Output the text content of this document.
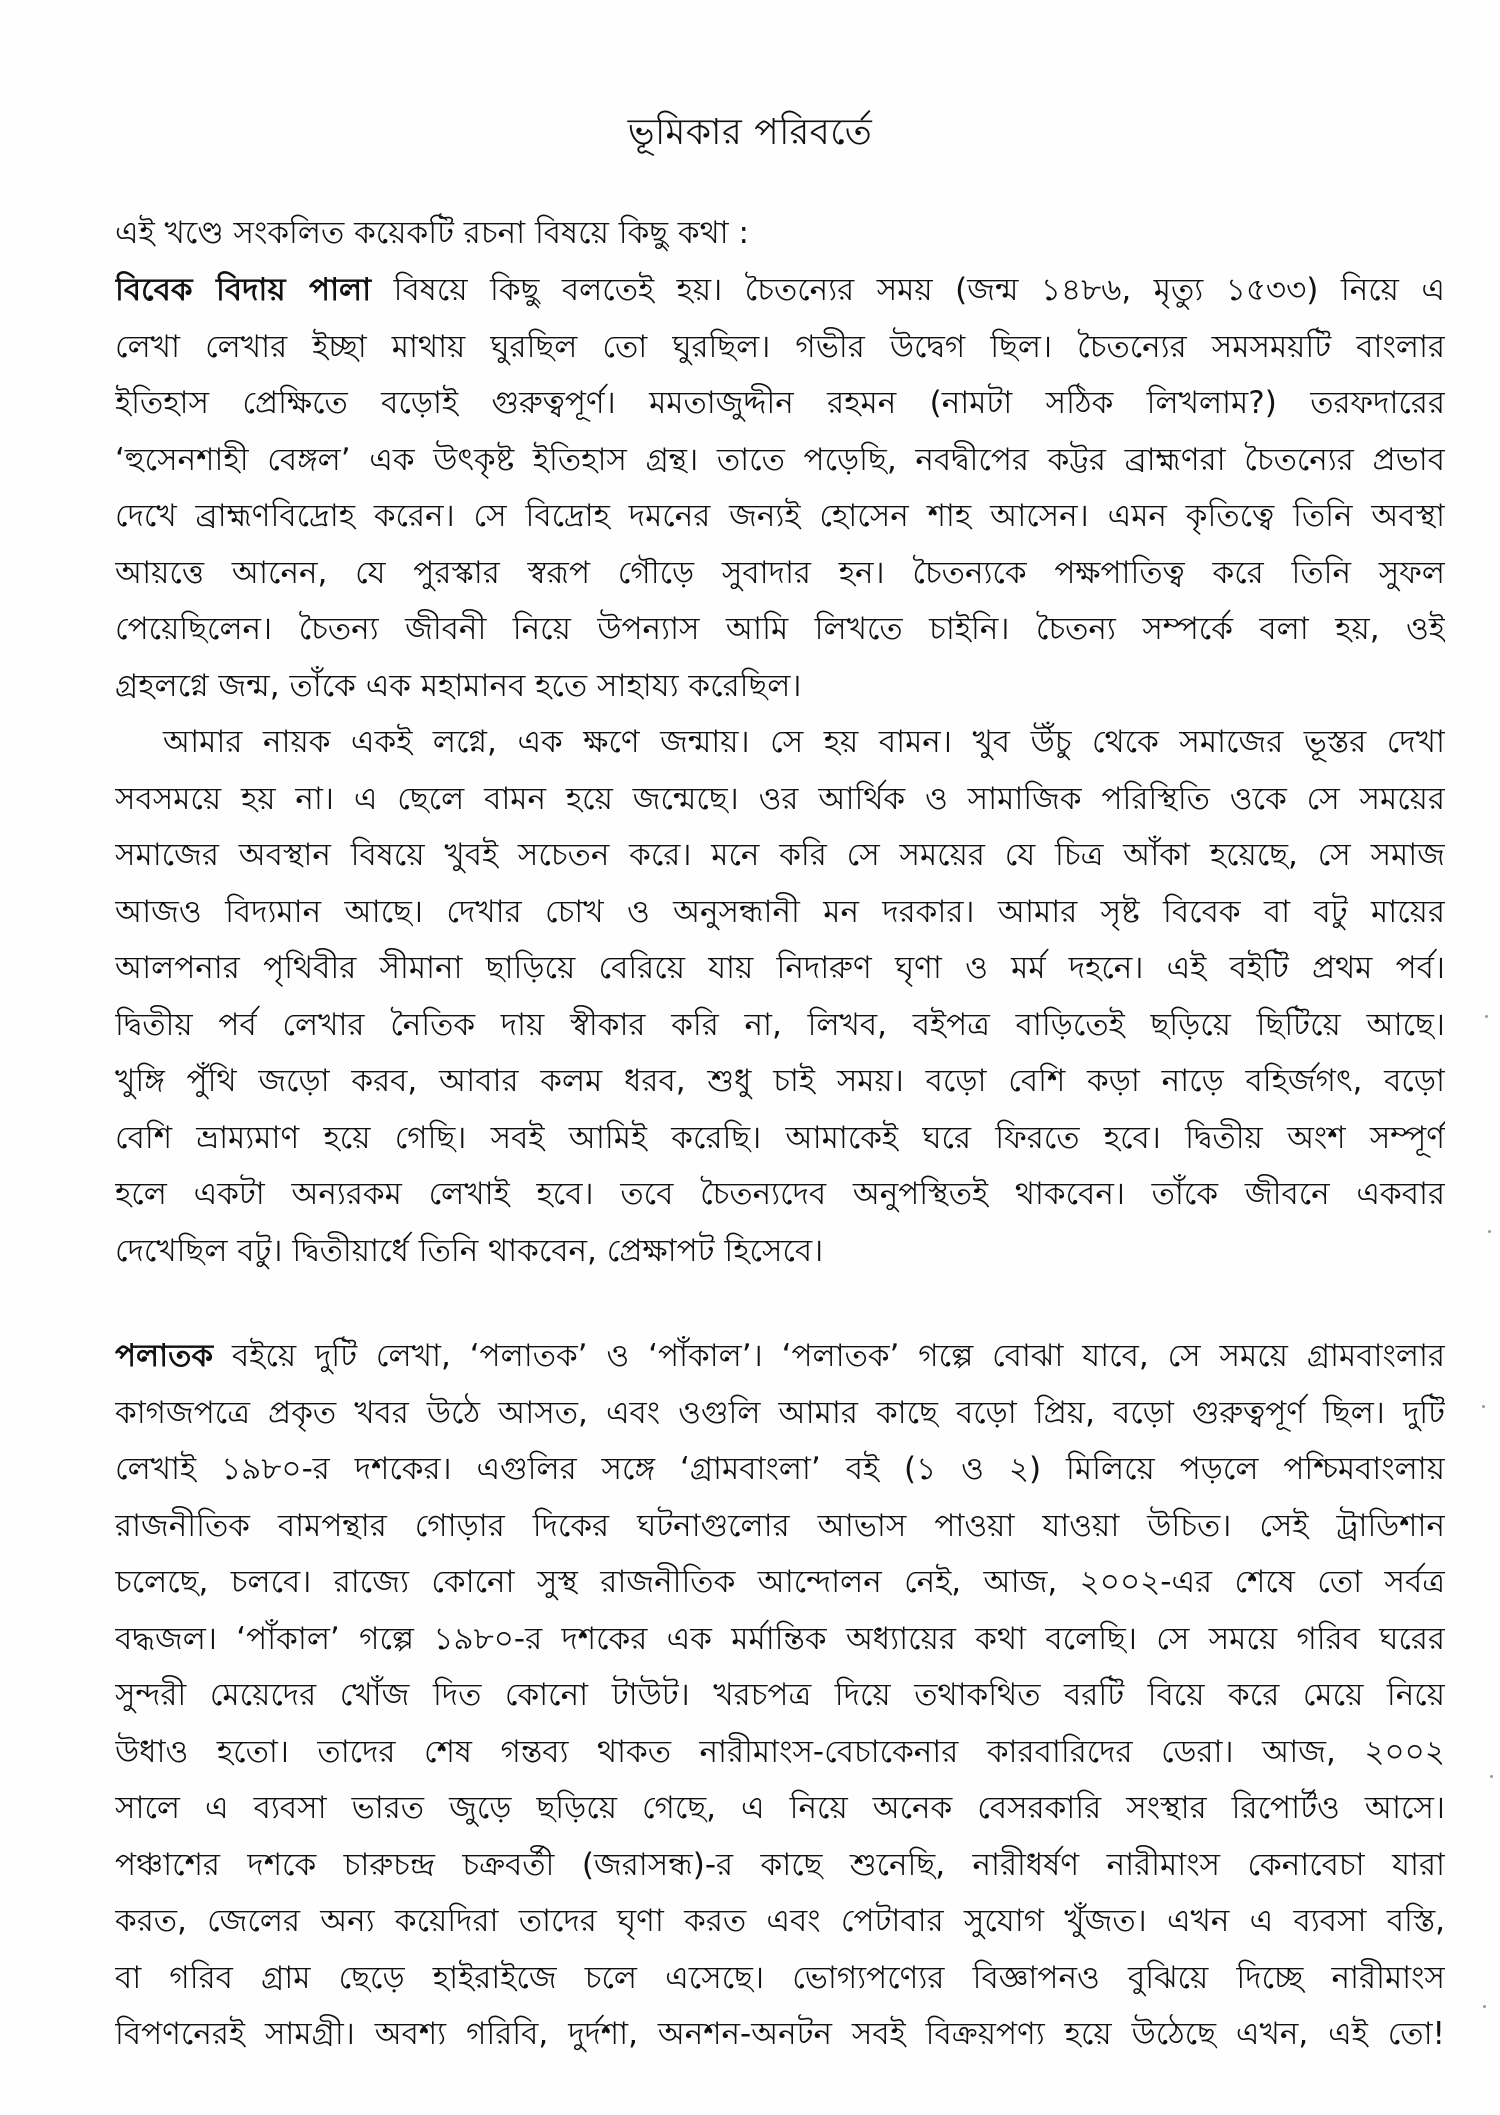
ভূমিকার পরিবর্তে
এই খণ্ডে সংকলিত কয়েকটি রচনা বিষয়ে কিছু কথা :
বিবেক বিদায় পালা বিষয়ে কিছু বলতেই হয়। চৈতন্যের সময় (জন্ম ১৪৮৬, মৃত্যু ১৫৩৩) নিয়ে এ
লেখা লেখার ইচ্ছা মাথায় ঘুরছিল তো ঘুরছিল। গভীর উদ্বেগ ছিল। চৈতন্যের সমসময়টি বাংলার
ইতিহাস প্রেক্ষিতে বড়োই গুরুত্বপূর্ণ। মমতাজুদ্দীন রহমন (নামটা সঠিক লিখলাম?) তরফদারের
‘হুসেনশাহী বেঙ্গল’ এক উৎকৃষ্ট ইতিহাস গ্রন্থ। তাতে পড়েছি, নবদ্বীপের কট্টর ব্রাহ্মণরা চৈতন্যের প্রভাব
দেখে ব্রাহ্মণবিদ্রোহ করেন। সে বিদ্রোহ দমনের জন্যই হোসেন শাহ আসেন। এমন কৃতিত্বে তিনি অবস্থা
আয়ত্তে আনেন, যে পুরস্কার স্বরূপ গৌড়ে সুবাদার হন। চৈতন্যকে পক্ষপাতিত্ব করে তিনি সুফল
পেয়েছিলেন। চৈতন্য জীবনী নিয়ে উপন্যাস আমি লিখতে চাইনি। চৈতন্য সম্পর্কে বলা হয়, ওই
গ্রহলগ্নে জন্ম, তাঁকে এক মহামানব হতে সাহায্য করেছিল।
আমার নায়ক একই লগ্নে, এক ক্ষণে জন্মায়। সে হয় বামন। খুব উঁচু থেকে সমাজের ভূস্তর দেখা
সবসময়ে হয় না। এ ছেলে বামন হয়ে জন্মেছে। ওর আর্থিক ও সামাজিক পরিস্থিতি ওকে সে সময়ের
সমাজের অবস্থান বিষয়ে খুবই সচেতন করে। মনে করি সে সময়ের যে চিত্র আঁকা হয়েছে, সে সমাজ
আজও বিদ্যমান আছে। দেখার চোখ ও অনুসন্ধানী মন দরকার। আমার সৃষ্ট বিবেক বা বটু মায়ের
আলপনার পৃথিবীর সীমানা ছাড়িয়ে বেরিয়ে যায় নিদারুণ ঘৃণা ও মর্ম দহনে। এই বইটি প্রথম পর্ব।
দ্বিতীয় পর্ব লেখার নৈতিক দায় স্বীকার করি না, লিখব, বইপত্র বাড়িতেই ছড়িয়ে ছিটিয়ে আছে।
খুঙ্গি পুঁথি জড়ো করব, আবার কলম ধরব, শুধু চাই সময়। বড়ো বেশি কড়া নাড়ে বহির্জগৎ, বড়ো
বেশি ভ্রাম্যমাণ হয়ে গেছি। সবই আমিই করেছি। আমাকেই ঘরে ফিরতে হবে। দ্বিতীয় অংশ সম্পূর্ণ
হলে একটা অন্যরকম লেখাই হবে। তবে চৈতন্যদেব অনুপস্থিতই থাকবেন। তাঁকে জীবনে একবার
দেখেছিল বটু। দ্বিতীয়ার্ধে তিনি থাকবেন, প্রেক্ষাপট হিসেবে।
পলাতক বইয়ে দুটি লেখা, ‘পলাতক’ ও ‘পাঁকাল’। ‘পলাতক’ গল্পে বোঝা যাবে, সে সময়ে গ্রামবাংলার
কাগজপত্রে প্রকৃত খবর উঠে আসত, এবং ওগুলি আমার কাছে বড়ো প্রিয়, বড়ো গুরুত্বপূর্ণ ছিল। দুটি
লেখাই ১৯৮০-র দশকের। এগুলির সঙ্গে ‘গ্রামবাংলা’ বই (১ ও ২) মিলিয়ে পড়লে পশ্চিমবাংলায়
রাজনীতিক বামপন্থার গোড়ার দিকের ঘটনাগুলোর আভাস পাওয়া যাওয়া উচিত। সেই ট্রাডিশান
চলেছে, চলবে। রাজ্যে কোনো সুস্থ রাজনীতিক আন্দোলন নেই, আজ, ২০০২-এর শেষে তো সর্বত্র
বদ্ধজল। ‘পাঁকাল’ গল্পে ১৯৮০-র দশকের এক মর্মান্তিক অধ্যায়ের কথা বলেছি। সে সময়ে গরিব ঘরের
সুন্দরী মেয়েদের খোঁজ দিত কোনো টাউট। খরচপত্র দিয়ে তথাকথিত বরটি বিয়ে করে মেয়ে নিয়ে
উধাও হতো। তাদের শেষ গন্তব্য থাকত নারীমাংস-বেচাকেনার কারবারিদের ডেরা। আজ, ২০০২
সালে এ ব্যবসা ভারত জুড়ে ছড়িয়ে গেছে, এ নিয়ে অনেক বেসরকারি সংস্থার রিপোর্টও আসে।
পঞ্চাশের দশকে চারুচন্দ্র চক্রবর্তী (জরাসন্ধ)-র কাছে শুনেছি, নারীধর্ষণ নারীমাংস কেনাবেচা যারা
করত, জেলের অন্য কয়েদিরা তাদের ঘৃণা করত এবং পেটাবার সুযোগ খুঁজত। এখন এ ব্যবসা বস্তি,
বা গরিব গ্রাম ছেড়ে হাইরাইজে চলে এসেছে। ভোগ্যপণ্যের বিজ্ঞাপনও বুঝিয়ে দিচ্ছে নারীমাংস
বিপণনেরই সামগ্রী। অবশ্য গরিবি, দুর্দশা, অনশন-অনটন সবই বিক্রয়পণ্য হয়ে উঠেছে এখন, এই তো!
